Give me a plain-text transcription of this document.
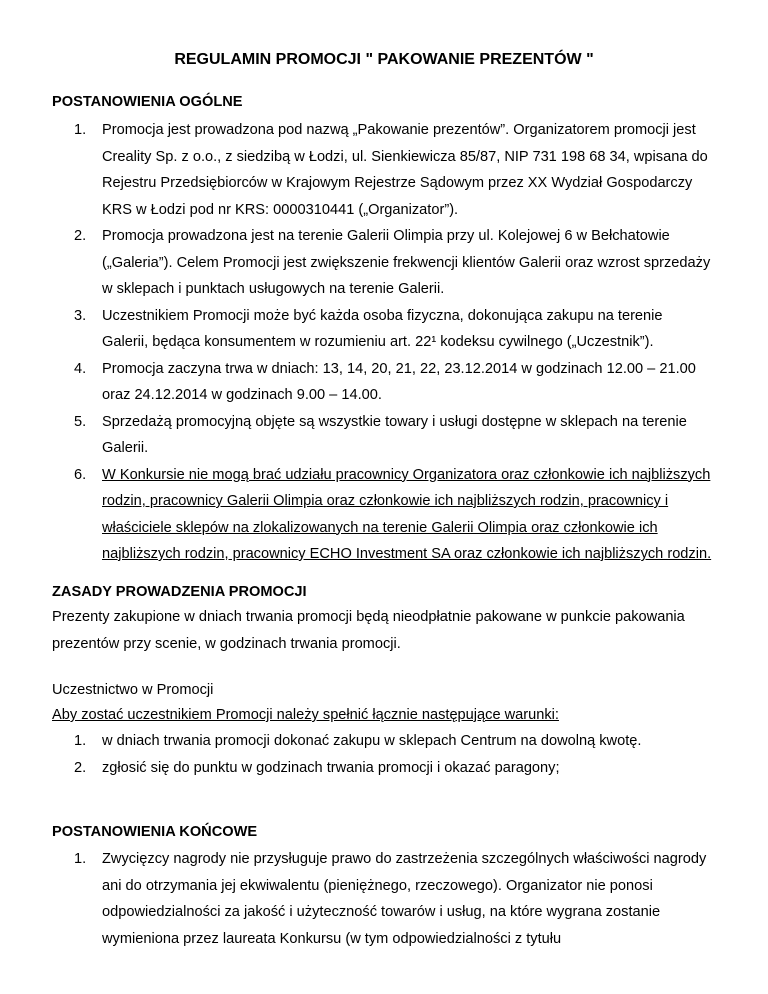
REGULAMIN PROMOCJI " PAKOWANIE PREZENTÓW "
POSTANOWIENIA OGÓLNE
1. Promocja jest prowadzona pod nazwą „Pakowanie prezentów”. Organizatorem promocji jest Creality Sp. z o.o., z siedzibą w Łodzi, ul. Sienkiewicza 85/87, NIP 731 198 68 34, wpisana do Rejestru Przedsiębiorców w Krajowym Rejestrze Sądowym przez XX Wydział Gospodarczy KRS w Łodzi pod nr KRS: 0000310441 („Organizator”).
2. Promocja prowadzona jest na terenie Galerii Olimpia przy ul. Kolejowej 6 w Bełchatowie („Galeria”). Celem Promocji jest zwiększenie frekwencji klientów Galerii oraz wzrost sprzedaży w sklepach i punktach usługowych na terenie Galerii.
3. Uczestnikiem Promocji może być każda osoba fizyczna, dokonująca zakupu na terenie Galerii, będąca konsumentem w rozumieniu art. 22¹ kodeksu cywilnego („Uczestnik”).
4. Promocja zaczyna trwa w dniach: 13, 14, 20, 21, 22, 23.12.2014 w godzinach 12.00 – 21.00 oraz 24.12.2014 w godzinach 9.00 – 14.00.
5. Sprzedażą promocyjną objęte są wszystkie towary i usługi dostępne w sklepach na terenie Galerii.
6. W Konkursie nie mogą brać udziału pracownicy Organizatora oraz członkowie ich najbliższych rodzin, pracownicy Galerii Olimpia oraz członkowie ich najbliższych rodzin, pracownicy i właściciele sklepów na zlokalizowanych na terenie Galerii Olimpia oraz członkowie ich najbliższych rodzin, pracownicy ECHO Investment SA oraz członkowie ich najbliższych rodzin.
ZASADY PROWADZENIA PROMOCJI

Prezenty zakupione w dniach trwania promocji będą nieodpłatnie pakowane w punkcie pakowania prezentów przy scenie, w godzinach trwania promocji.

Uczestnictwo w Promocji

Aby zostać uczestnikiem Promocji należy spełnić łącznie następujące warunki:

1. w dniach trwania promocji dokonać zakupu w sklepach Centrum na dowolną kwotę.
2. zgłosić się do punktu w godzinach trwania promocji i okazać paragony;
POSTANOWIENIA KOŃCOWE
1. Zwycięzcy nagrody nie przysługuje prawo do zastrzeżenia szczególnych właściwości nagrody ani do otrzymania jej ekwiwalentu (pieniężnego, rzeczowego). Organizator nie ponosi odpowiedzialności za jakość i użyteczność towarów i usług, na które wygrana zostanie wymieniona przez laureata Konkursu (w tym odpowiedzialności z tytułu
